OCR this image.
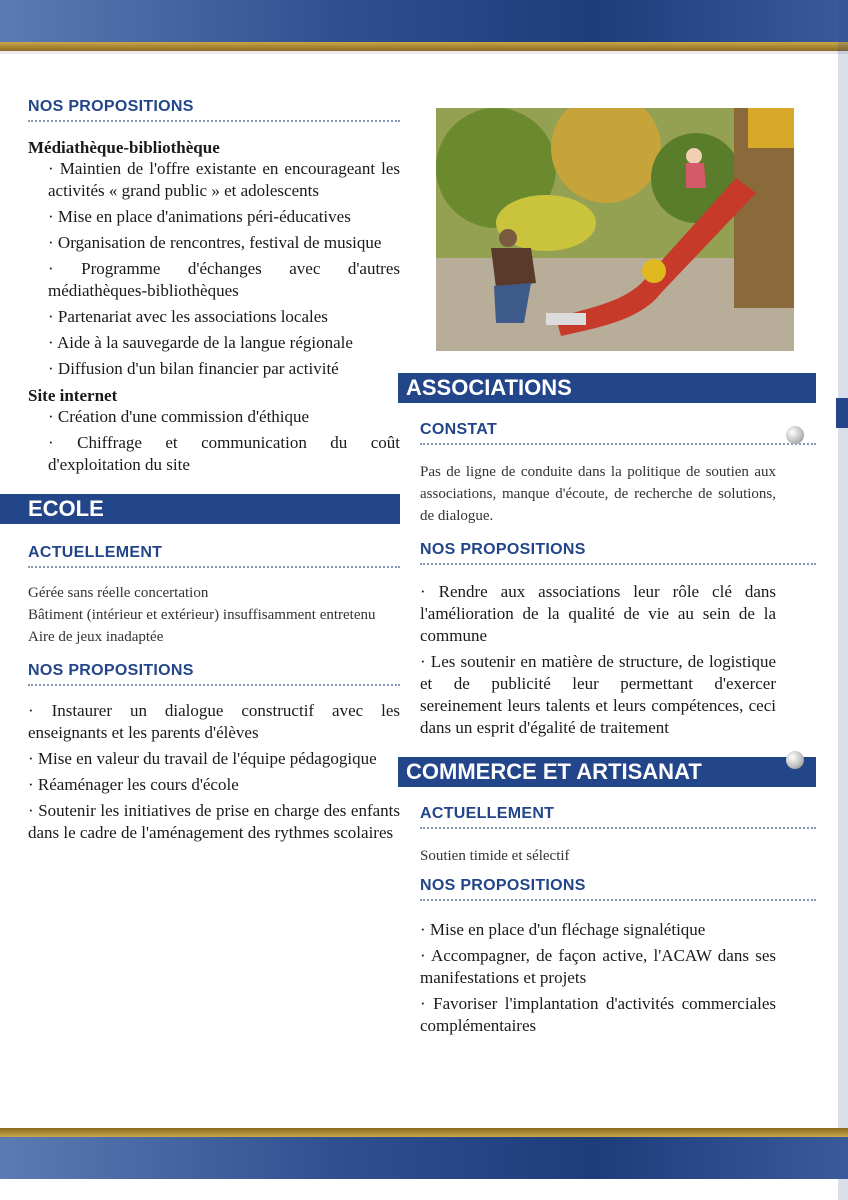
NOS PROPOSITIONS

Médiathèque-bibliothèque

· Maintien de l'offre existante en encourageant les activités « grand public » et adolescents

· Mise en place d'animations péri-éducatives

· Organisation de rencontres, festival de musique

· Programme d'échanges avec d'autres médiathèques-bibliothèques

· Partenariat avec les associations locales

· Aide à la sauvegarde de la langue régionale

· Diffusion d'un bilan financier par activité

Site internet

· Création d'une commission d'éthique

· Chiffrage et communication du coût d'exploitation du site

ECOLE
ACTUELLEMENT

Gérée sans réelle concertation

Bâtiment (intérieur et extérieur) insuffisamment entretenu

Aire de jeux inadaptée

NOS PROPOSITIONS

· Instaurer un dialogue constructif avec les enseignants et les parents d'élèves

· Mise en valeur du travail de l'équipe pédagogique

· Réaménager les cours d'école

· Soutenir les initiatives de prise en charge des enfants dans le cadre de l'aménagement des rythmes scolaires

ASSOCIATIONS
CONSTAT

Pas de ligne de conduite dans la politique de soutien aux associations, manque d'écoute, de recherche de solutions, de dialogue.

NOS PROPOSITIONS

· Rendre aux associations leur rôle clé dans l'amélioration de la qualité de vie au sein de la commune

· Les soutenir en matière de structure, de logistique et de publicité leur permettant d'exercer sereinement leurs talents et leurs compétences, ceci dans un esprit d'égalité de traitement

COMMERCE ET ARTISANAT
ACTUELLEMENT

Soutien timide et sélectif

NOS PROPOSITIONS

· Mise en place d'un fléchage signalétique

· Accompagner, de façon active, l'ACAW dans ses manifestations et projets

· Favoriser l'implantation d'activités commerciales complémentaires
